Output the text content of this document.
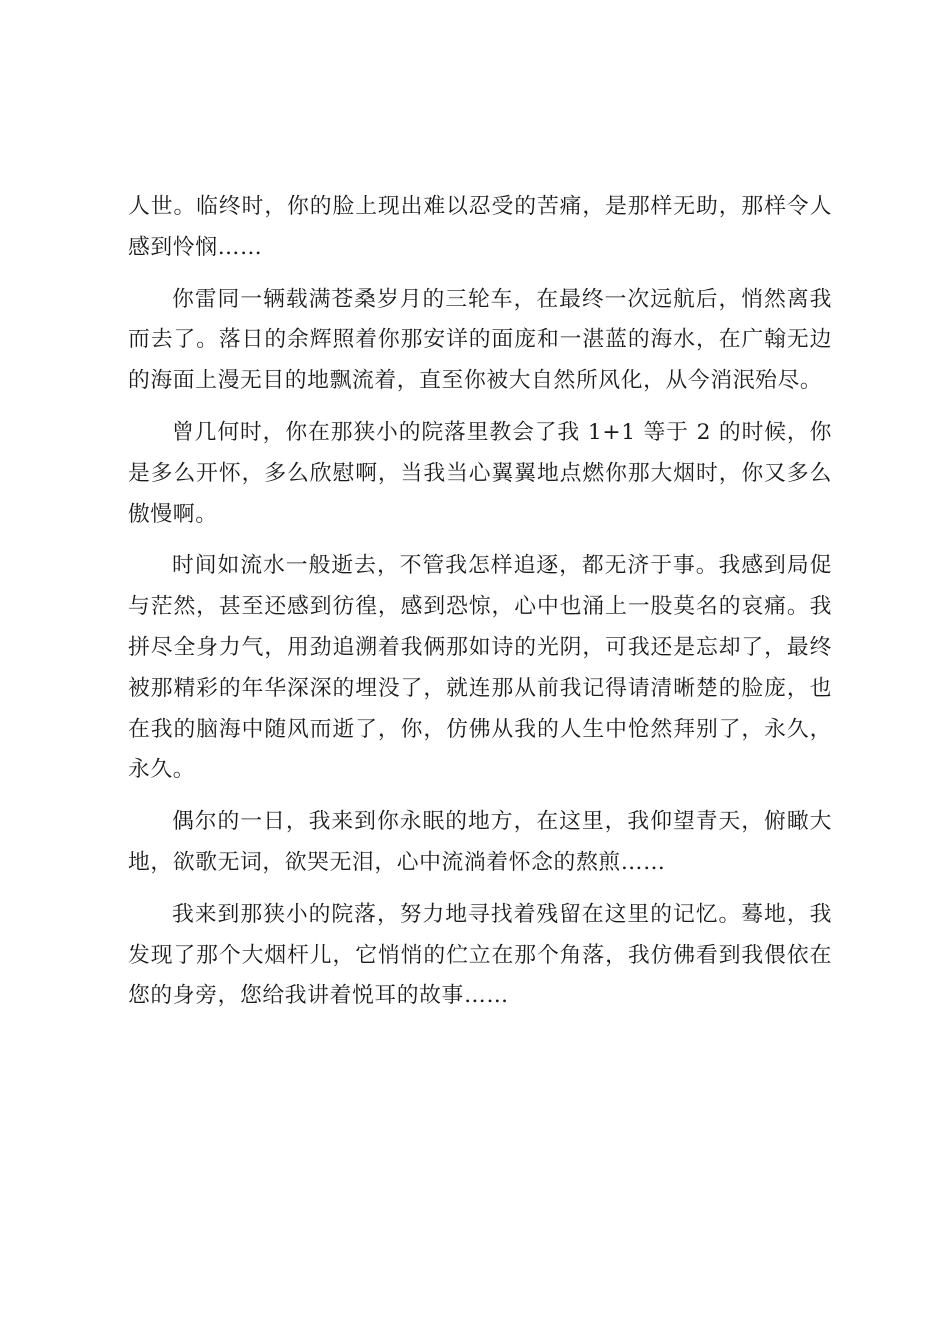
人世。临终时，你的脸上现出难以忍受的苦痛，是那样无助，那样令人感到怜悯……

你雷同一辆载满苍桑岁月的三轮车，在最终一次远航后，悄然离我而去了。落日的余辉照着你那安详的面庞和一湛蓝的海水，在广翰无边的海面上漫无目的地飘流着，直至你被大自然所风化，从今消泯殆尽。

曾几何时，你在那狭小的院落里教会了我 1+1 等于 2 的时候，你是多么开怀，多么欣慰啊，当我当心翼翼地点燃你那大烟时，你又多么傲慢啊。

时间如流水一般逝去，不管我怎样追逐，都无济于事。我感到局促与茫然，甚至还感到彷徨，感到恐惊，心中也涌上一股莫名的哀痛。我拼尽全身力气，用劲追溯着我俩那如诗的光阴，可我还是忘却了，最终被那精彩的年华深深的埋没了，就连那从前我记得请清晰楚的脸庞，也在我的脑海中随风而逝了，你，仿佛从我的人生中怆然拜别了，永久，永久。

偶尔的一日，我来到你永眠的地方，在这里，我仰望青天，俯瞰大地，欲歌无词，欲哭无泪，心中流淌着怀念的熬煎……

我来到那狭小的院落，努力地寻找着残留在这里的记忆。蓦地，我发现了那个大烟杆儿，它悄悄的伫立在那个角落，我仿佛看到我偎依在您的身旁，您给我讲着悦耳的故事……
